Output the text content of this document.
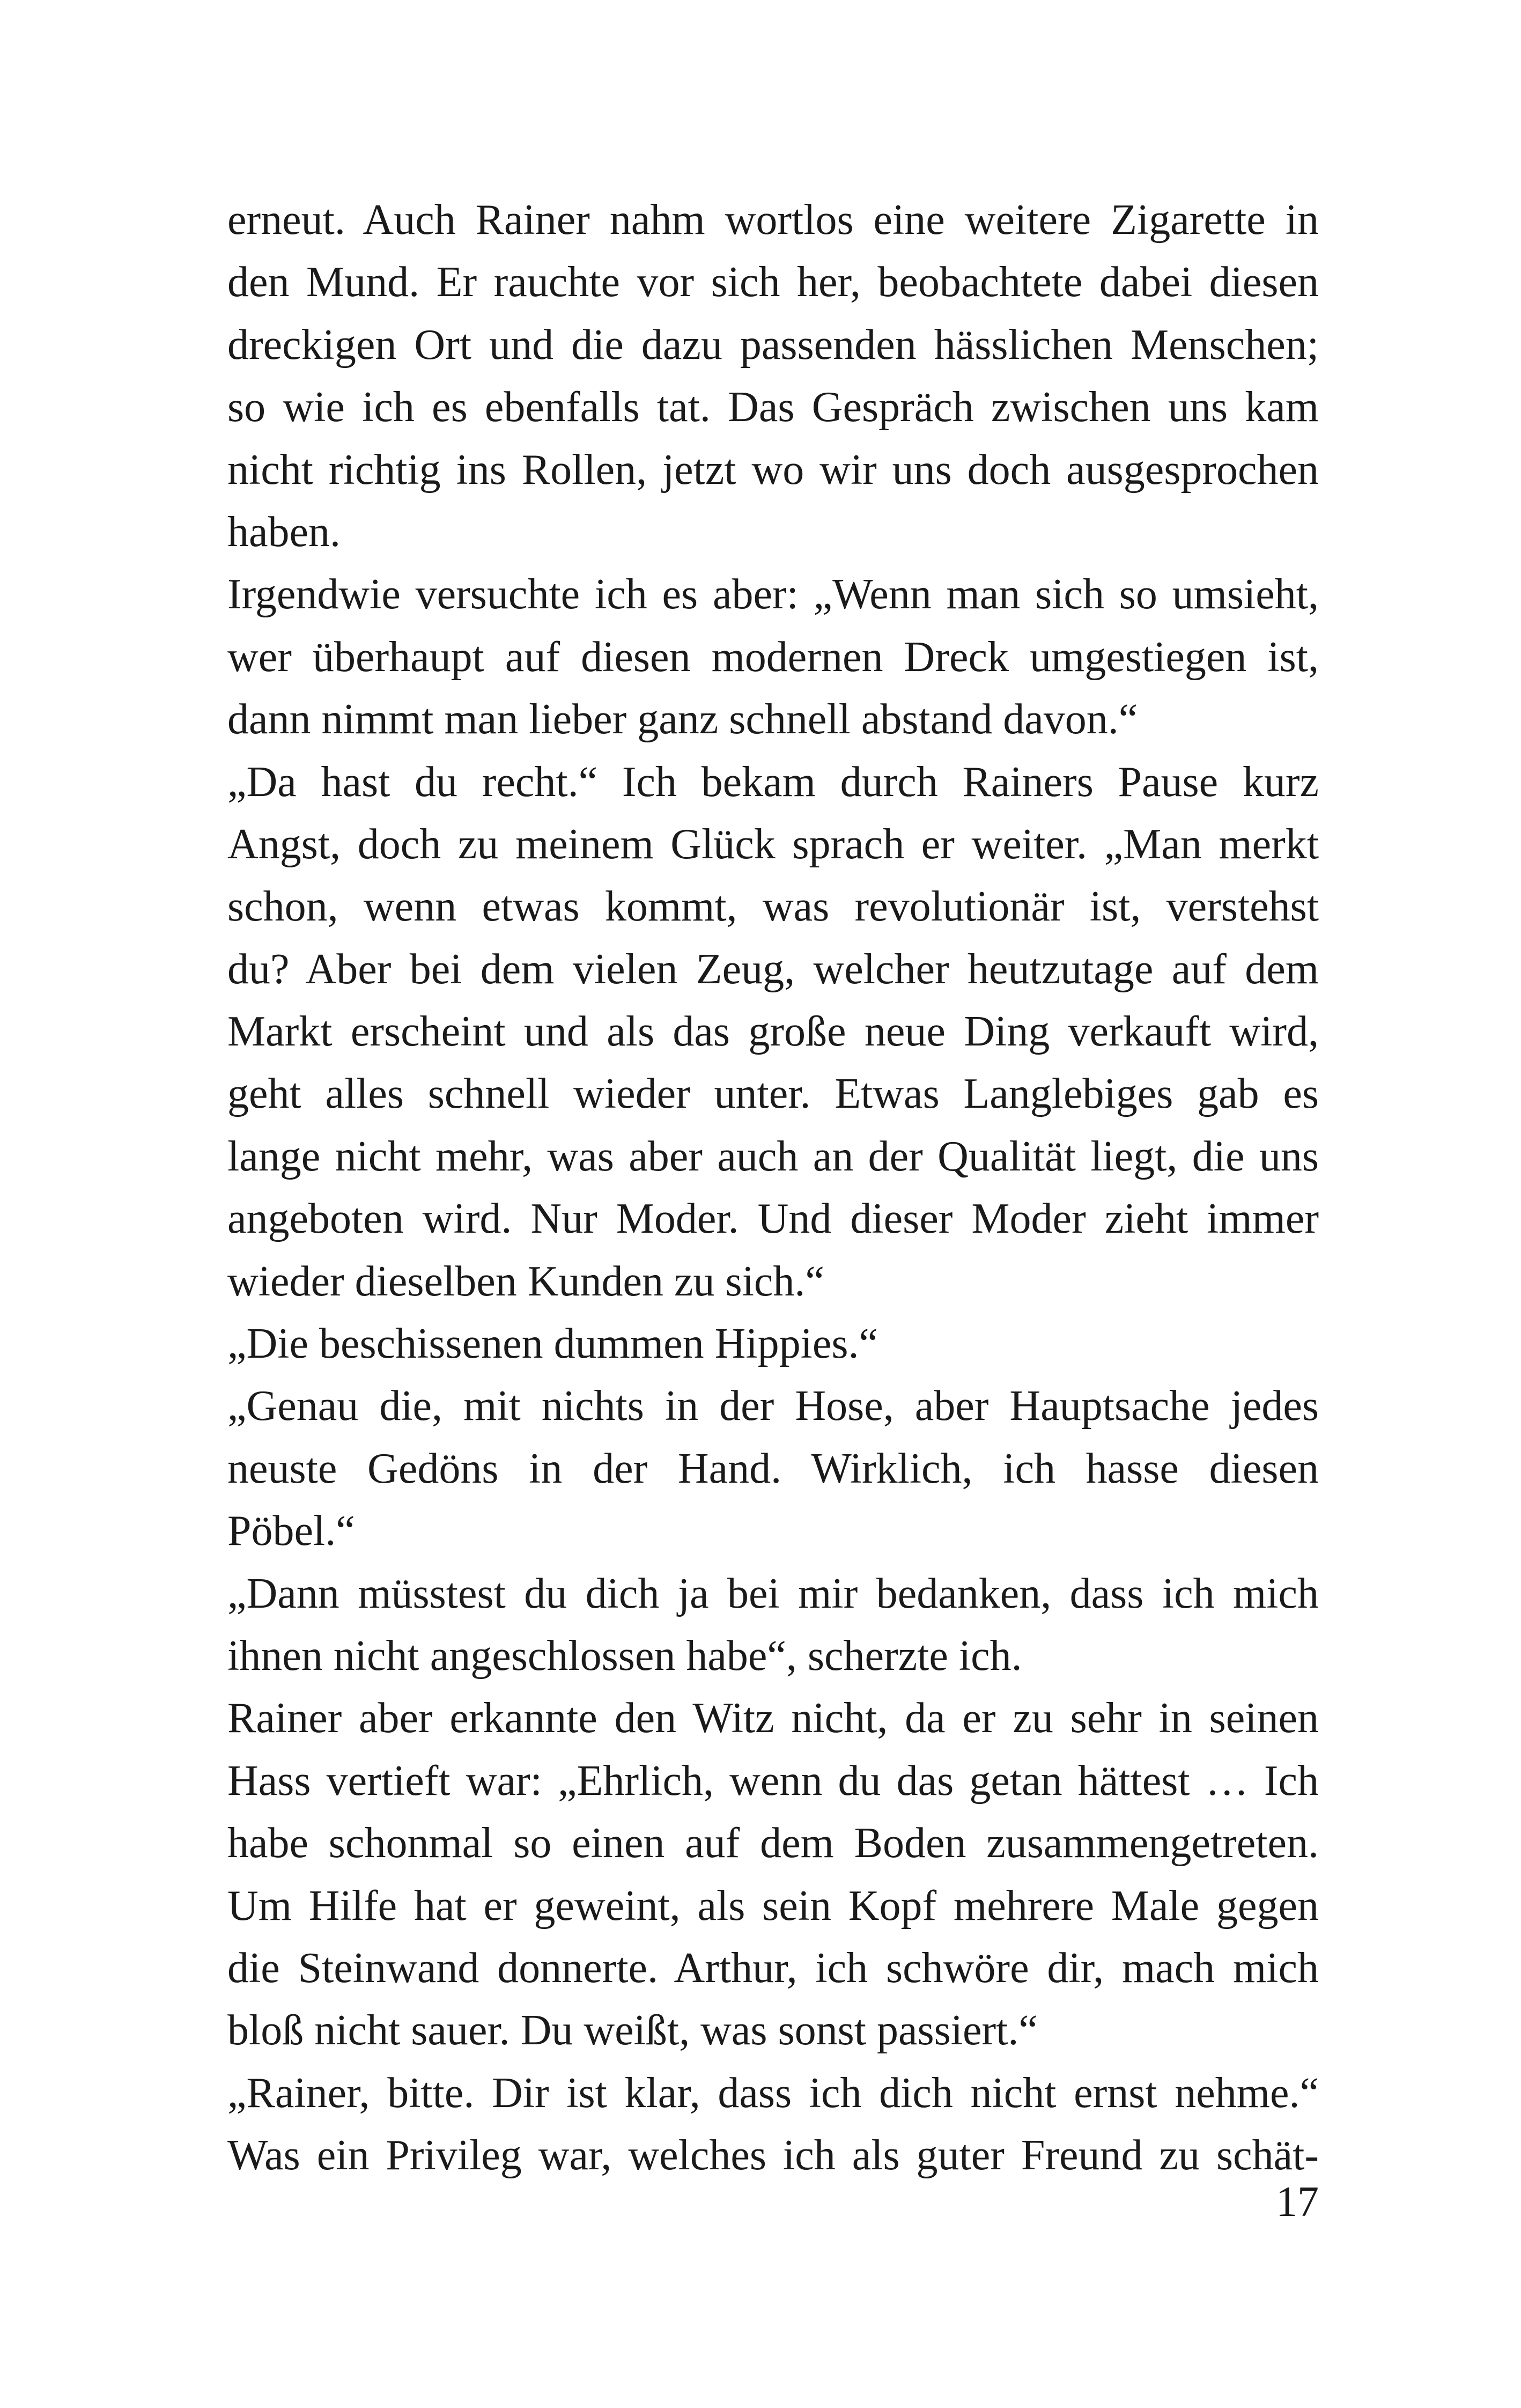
erneut. Auch Rainer nahm wortlos eine weitere Zigarette in
den Mund. Er rauchte vor sich her, beobachtete dabei diesen
dreckigen Ort und die dazu passenden hässlichen Menschen;
so wie ich es ebenfalls tat. Das Gespräch zwischen uns kam
nicht richtig ins Rollen, jetzt wo wir uns doch ausgesprochen
haben.
Irgendwie versuchte ich es aber: „Wenn man sich so umsieht,
wer überhaupt auf diesen modernen Dreck umgestiegen ist,
dann nimmt man lieber ganz schnell abstand davon.“
„Da hast du recht.“ Ich bekam durch Rainers Pause kurz
Angst, doch zu meinem Glück sprach er weiter. „Man merkt
schon, wenn etwas kommt, was revolutionär ist, verstehst
du? Aber bei dem vielen Zeug, welcher heutzutage auf dem
Markt erscheint und als das große neue Ding verkauft wird,
geht alles schnell wieder unter. Etwas Langlebiges gab es
lange nicht mehr, was aber auch an der Qualität liegt, die uns
angeboten wird. Nur Moder. Und dieser Moder zieht immer
wieder dieselben Kunden zu sich.“
„Die beschissenen dummen Hippies.“
„Genau die, mit nichts in der Hose, aber Hauptsache jedes
neuste Gedöns in der Hand. Wirklich, ich hasse diesen
Pöbel.“
„Dann müsstest du dich ja bei mir bedanken, dass ich mich
ihnen nicht angeschlossen habe“, scherzte ich.
Rainer aber erkannte den Witz nicht, da er zu sehr in seinen
Hass vertieft war: „Ehrlich, wenn du das getan hättest … Ich
habe schonmal so einen auf dem Boden zusammengetreten.
Um Hilfe hat er geweint, als sein Kopf mehrere Male gegen
die Steinwand donnerte. Arthur, ich schwöre dir, mach mich
bloß nicht sauer. Du weißt, was sonst passiert.“
„Rainer, bitte. Dir ist klar, dass ich dich nicht ernst nehme.“
Was ein Privileg war, welches ich als guter Freund zu schät-
17
